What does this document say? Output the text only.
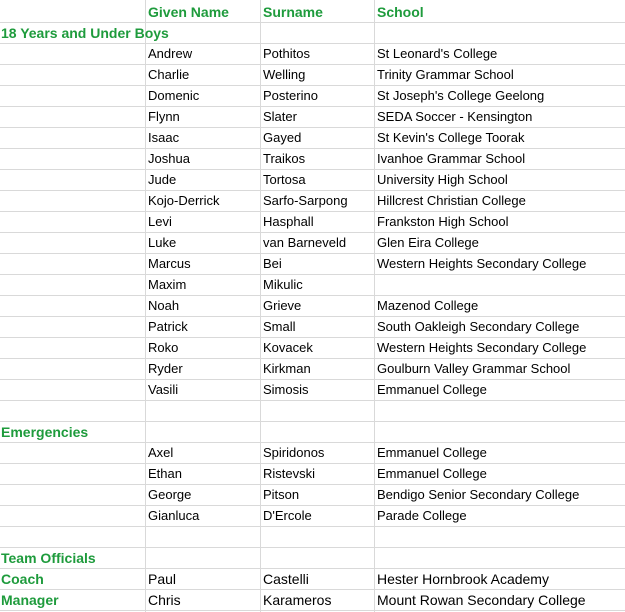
Given Name	Surname	School
18 Years and Under Boys
Andrew	Pothitos	St Leonard's College
Charlie	Welling	Trinity Grammar School
Domenic	Posterino	St Joseph's College Geelong
Flynn	Slater	SEDA Soccer - Kensington
Isaac	Gayed	St Kevin's College Toorak
Joshua	Traikos	Ivanhoe Grammar School
Jude	Tortosa	University High School
Kojo-Derrick	Sarfo-Sarpong	Hillcrest Christian College
Levi	Hasphall	Frankston High School
Luke	van Barneveld	Glen Eira College
Marcus	Bei	Western Heights Secondary College
Maxim	Mikulic
Noah	Grieve	Mazenod College
Patrick	Small	South Oakleigh Secondary College
Roko	Kovacek	Western Heights Secondary College
Ryder	Kirkman	Goulburn Valley Grammar School
Vasili	Simosis	Emmanuel College
Emergencies
Axel	Spiridonos	Emmanuel College
Ethan	Ristevski	Emmanuel College
George	Pitson	Bendigo Senior Secondary College
Gianluca	D'Ercole	Parade College
Team Officials
Coach	Paul	Castelli	Hester Hornbrook Academy
Manager	Chris	Karameros	Mount Rowan Secondary College
